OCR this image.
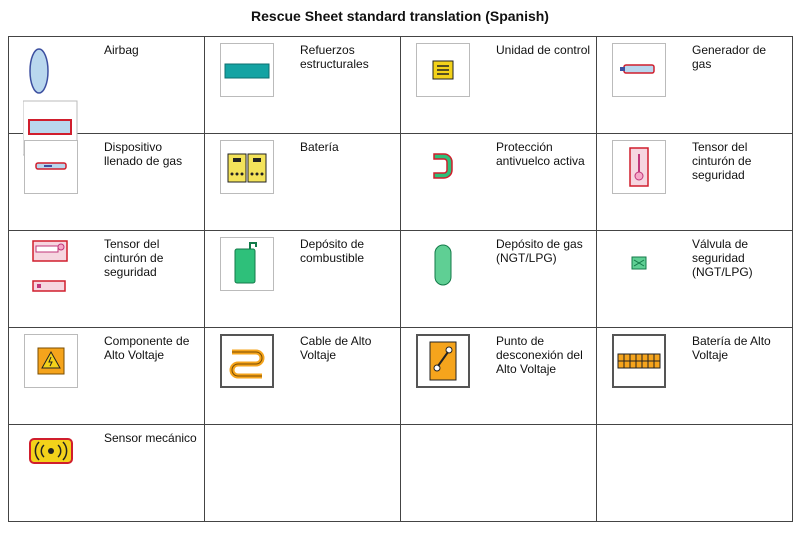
Rescue Sheet standard translation (Spanish)
Airbag	Refuerzos
estructurales	Unidad de control	Generador de gas

Dispositivo
llenado de gas	Batería	Protección
antivuelco activa	Tensor del
cinturón de
seguridad

Tensor del
cinturón de
seguridad	Depósito de
combustible	Depósito de gas
(NGT/LPG)	Válvula de
seguridad
(NGT/LPG)

Componente de
Alto Voltaje	Cable de Alto
Voltaje	Punto de
desconexión del
Alto Voltaje	Batería de Alto
Voltaje

Sensor mecánico			
